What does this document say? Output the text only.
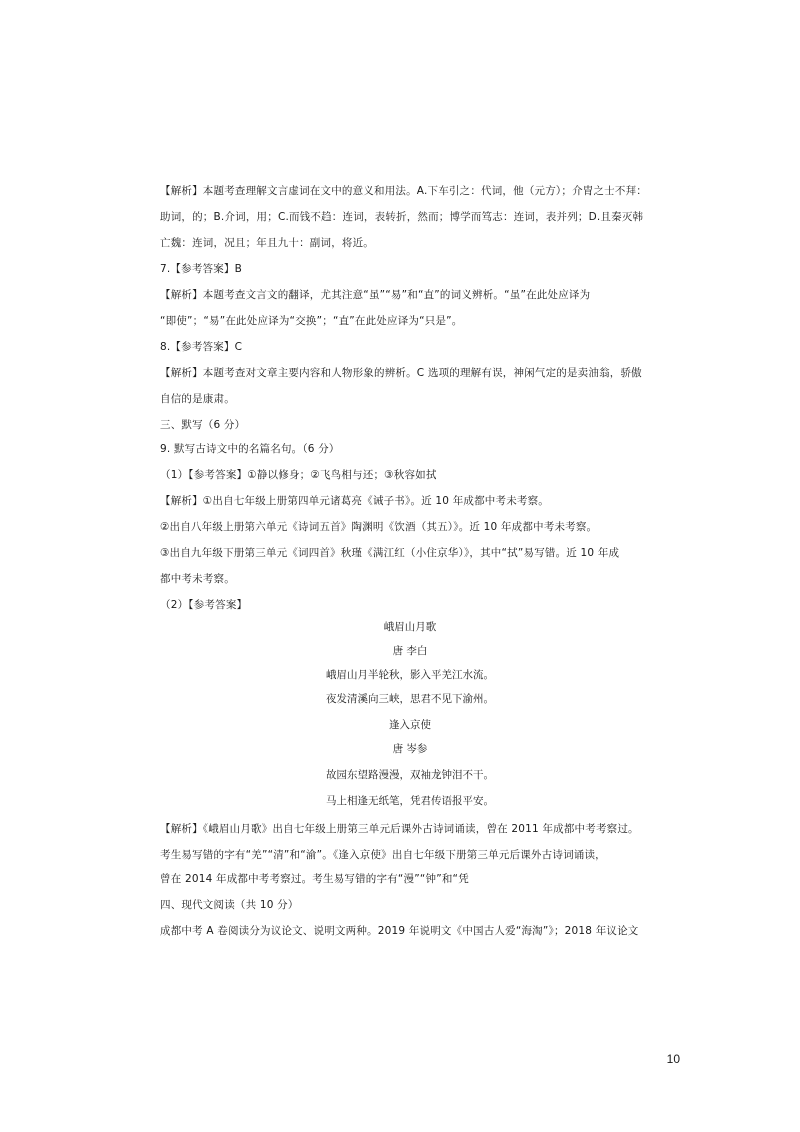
【解析】本题考查理解文言虚词在文中的意义和用法。A.下车引之：代词，他（元方）；介胄之士不拜：
助词，的；B.介词，用；C.而钱不趋：连词，表转折，然而；博学而笃志：连词，表并列；D.且秦灭韩
亡魏：连词，况且；年且九十：副词，将近。
7.【参考答案】B
【解析】本题考查文言文的翻译，尤其注意“虽”“易”和“直”的词义辨析。“虽”在此处应译为
“即使”；“易”在此处应译为“交换”；“直”在此处应译为“只是”。
8.【参考答案】C
【解析】本题考查对文章主要内容和人物形象的辨析。C 选项的理解有误，神闲气定的是卖油翁，骄傲
自信的是康肃。
三、默写（6 分）
9. 默写古诗文中的名篇名句。（6 分）
（1）【参考答案】①静以修身；②飞鸟相与还；③秋容如拭
【解析】①出自七年级上册第四单元诸葛亮《诫子书》。近 10 年成都中考未考察。
②出自八年级上册第六单元《诗词五首》陶渊明《饮酒（其五）》。近 10 年成都中考未考察。
③出自九年级下册第三单元《词四首》秋瑾《满江红（小住京华）》，其中“拭”易写错。近 10 年成
都中考未考察。
（2）【参考答案】
峨眉山月歌
唐 李白
峨眉山月半轮秋，影入平羌江水流。
夜发清溪向三峡，思君不见下渝州。
逢入京使
唐 岑参
故园东望路漫漫，双袖龙钟泪不干。
马上相逢无纸笔，凭君传语报平安。
【解析】《峨眉山月歌》出自七年级上册第三单元后课外古诗词诵读，曾在 2011 年成都中考考察过。
考生易写错的字有“羌”“清”和“渝”。《逢入京使》出自七年级下册第三单元后课外古诗词诵读，
曾在 2014 年成都中考考察过。考生易写错的字有“漫”“钟”和“凭
四、现代文阅读（共 10 分）
成都中考 A 卷阅读分为议论文、说明文两种。2019 年说明文《中国古人爱“海淘”》；2018 年议论文
10
